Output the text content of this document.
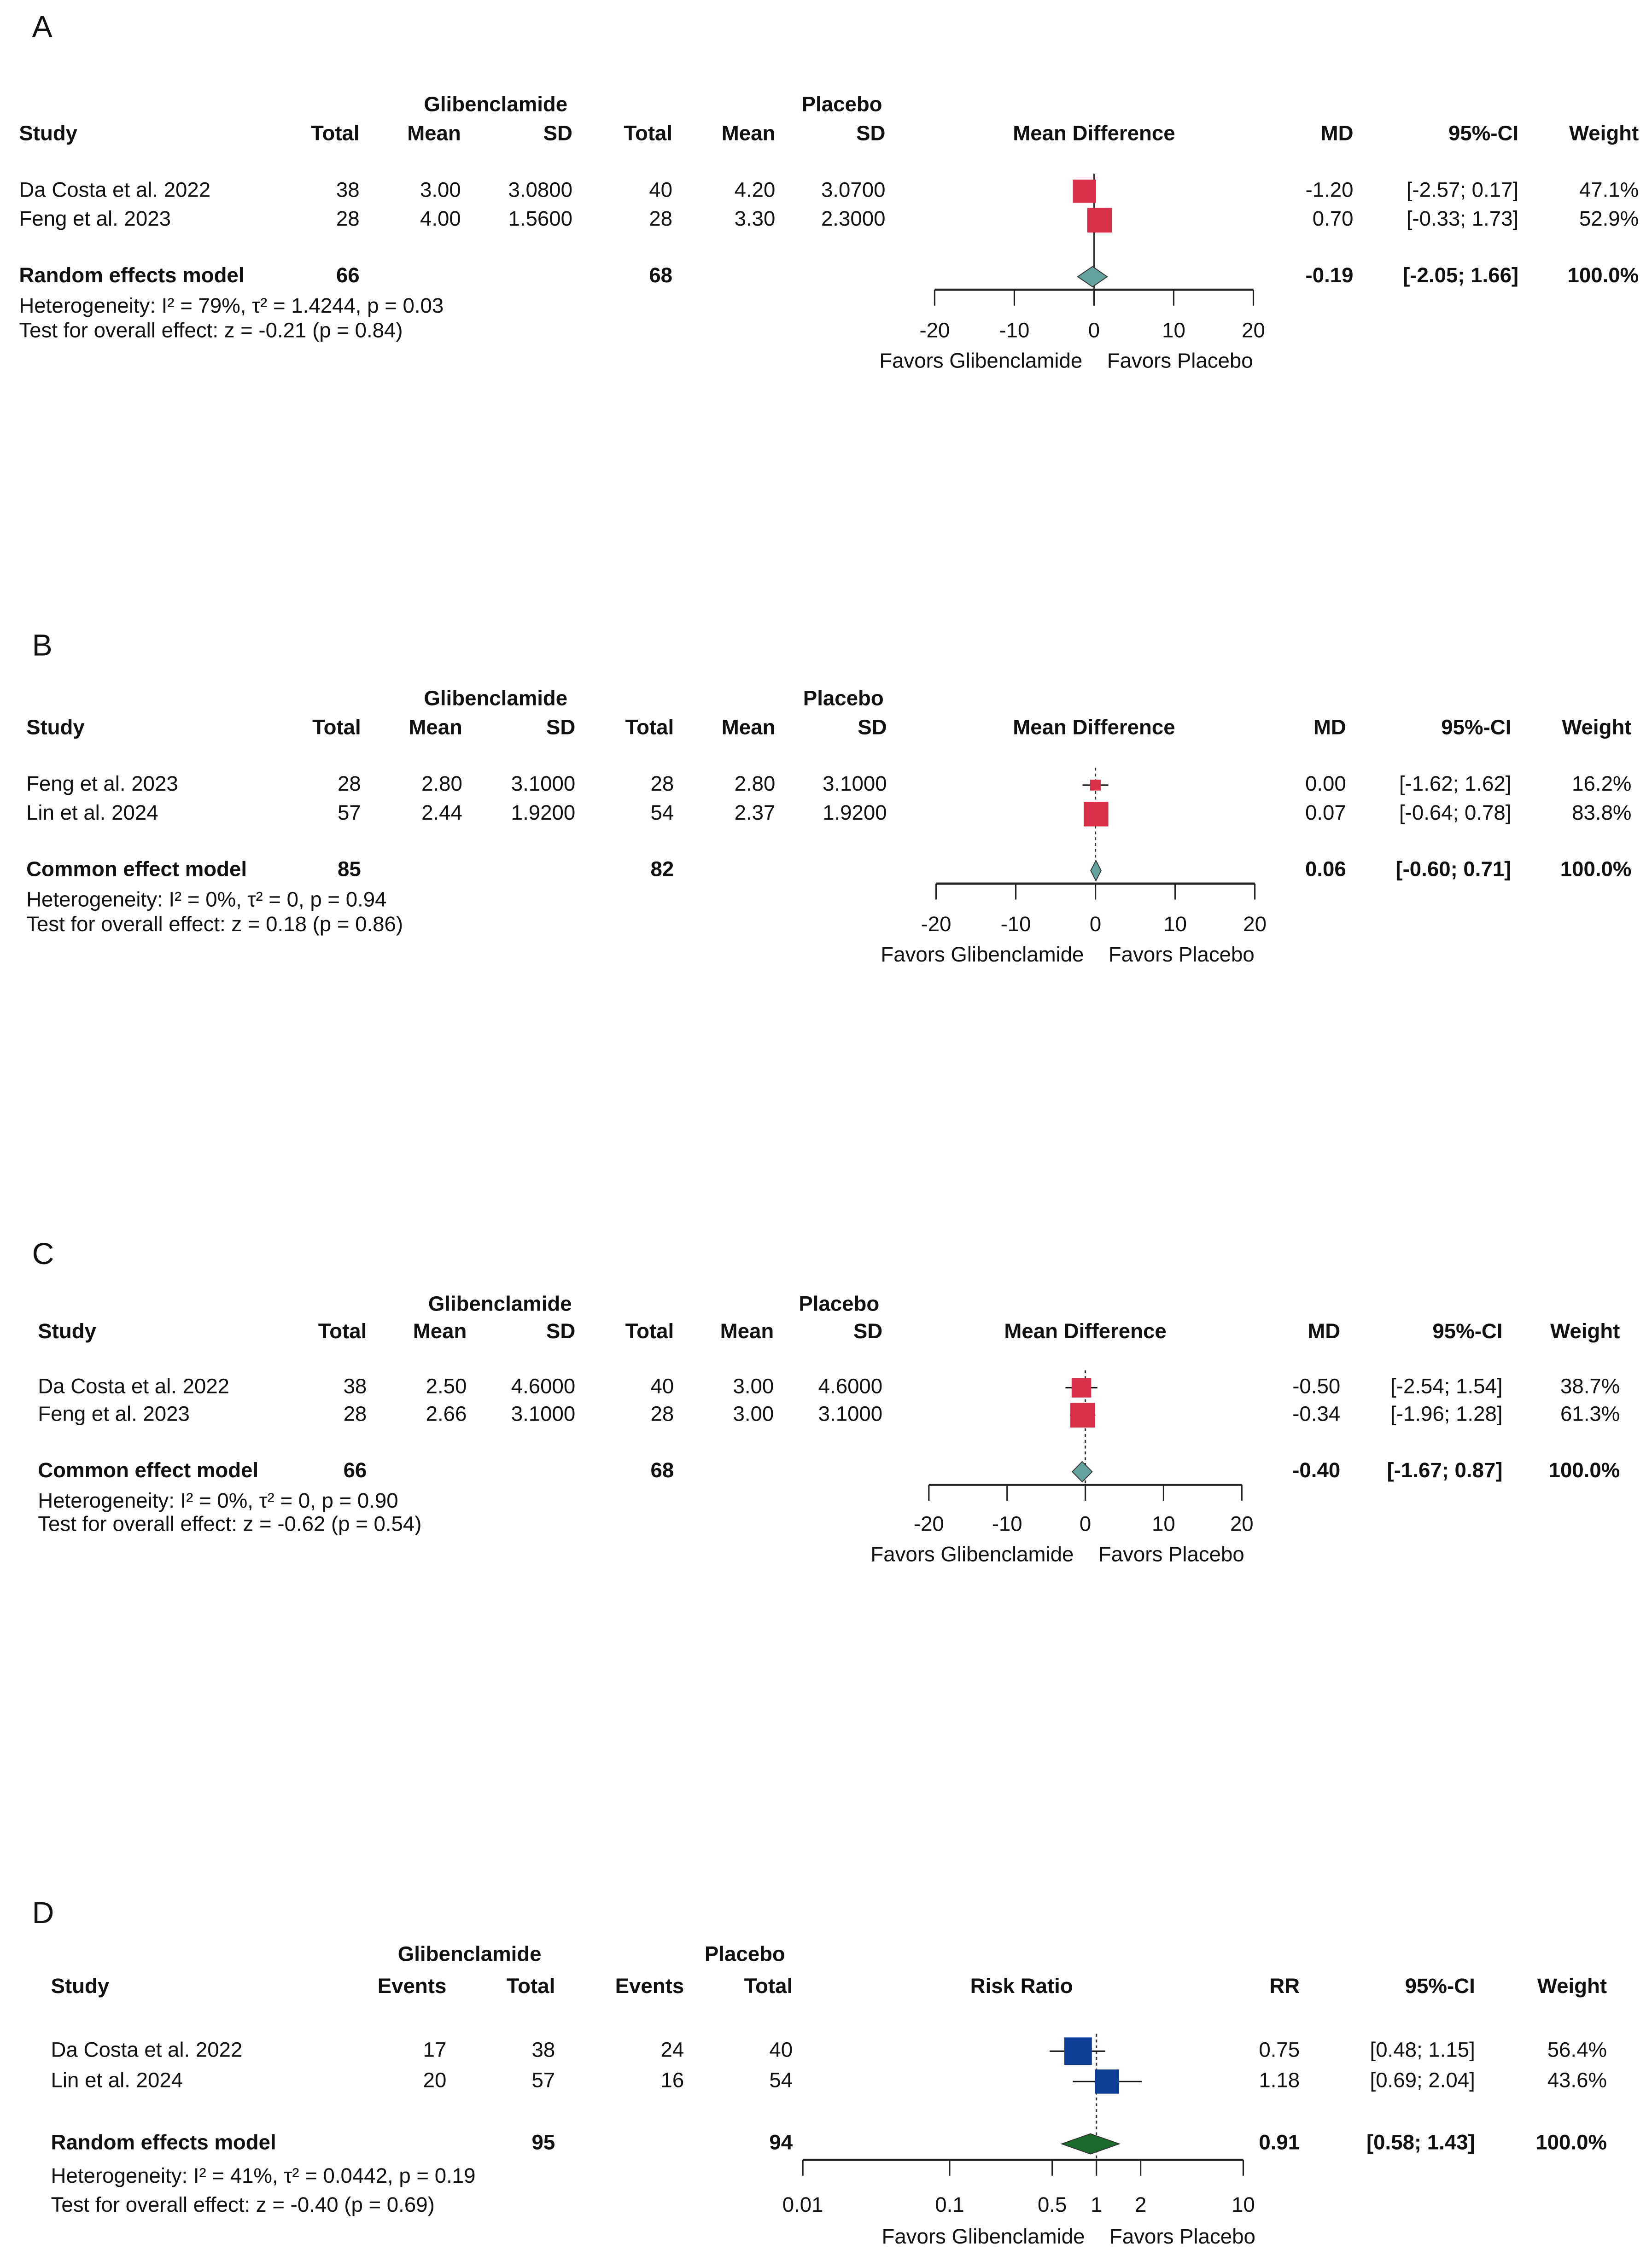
A
Glibenclamide	Placebo
Study	Total	Mean	SD	Total	Mean	SD	Mean Difference	MD	95%-CI	Weight
Da Costa et al. 2022	38	3.00	3.0800	40	4.20	3.0700	-1.20	[-2.57; 0.17]	47.1%
Feng et al. 2023	28	4.00	1.5600	28	3.30	2.3000	0.70	[-0.33; 1.73]	52.9%
Random effects model	66	68	-0.19	[-2.05; 1.66]	100.0%
Heterogeneity: I² = 79%, τ² = 1.4244, p = 0.03
Test for overall effect: z = -0.21 (p = 0.84)	-20	-10	0	10	20
Favors Glibenclamide	Favors Placebo
B
Glibenclamide	Placebo
Study	Total	Mean	SD	Total	Mean	SD	Mean Difference	MD	95%-CI	Weight
Feng et al. 2023	28	2.80	3.1000	28	2.80	3.1000	0.00	[-1.62; 1.62]	16.2%
Lin et al. 2024	57	2.44	1.9200	54	2.37	1.9200	0.07	[-0.64; 0.78]	83.8%
Common effect model	85	82	0.06	[-0.60; 0.71]	100.0%
Heterogeneity: I² = 0%, τ² = 0, p = 0.94
Test for overall effect: z = 0.18 (p = 0.86)	-20	-10	0	10	20
Favors Glibenclamide	Favors Placebo
C
Glibenclamide	Placebo
Study	Total	Mean	SD	Total	Mean	SD	Mean Difference	MD	95%-CI	Weight
Da Costa et al. 2022	38	2.50	4.6000	40	3.00	4.6000	-0.50	[-2.54; 1.54]	38.7%
Feng et al. 2023	28	2.66	3.1000	28	3.00	3.1000	-0.34	[-1.96; 1.28]	61.3%
Common effect model	66	68	-0.40	[-1.67; 0.87]	100.0%
Heterogeneity: I² = 0%, τ² = 0, p = 0.90
Test for overall effect: z = -0.62 (p = 0.54)	-20	-10	0	10	20
Favors Glibenclamide	Favors Placebo
D
Glibenclamide	Placebo
Study	Events	Total	Events	Total	Risk Ratio	RR	95%-CI	Weight
Da Costa et al. 2022	17	38	24	40	0.75	[0.48; 1.15]	56.4%
Lin et al. 2024	20	57	16	54	1.18	[0.69; 2.04]	43.6%
Random effects model	95	94	0.91	[0.58; 1.43]	100.0%
Heterogeneity: I² = 41%, τ² = 0.0442, p = 0.19
Test for overall effect: z = -0.40 (p = 0.69)	0.01	0.1	0.5	1	2	10
Favors Glibenclamide	Favors Placebo
